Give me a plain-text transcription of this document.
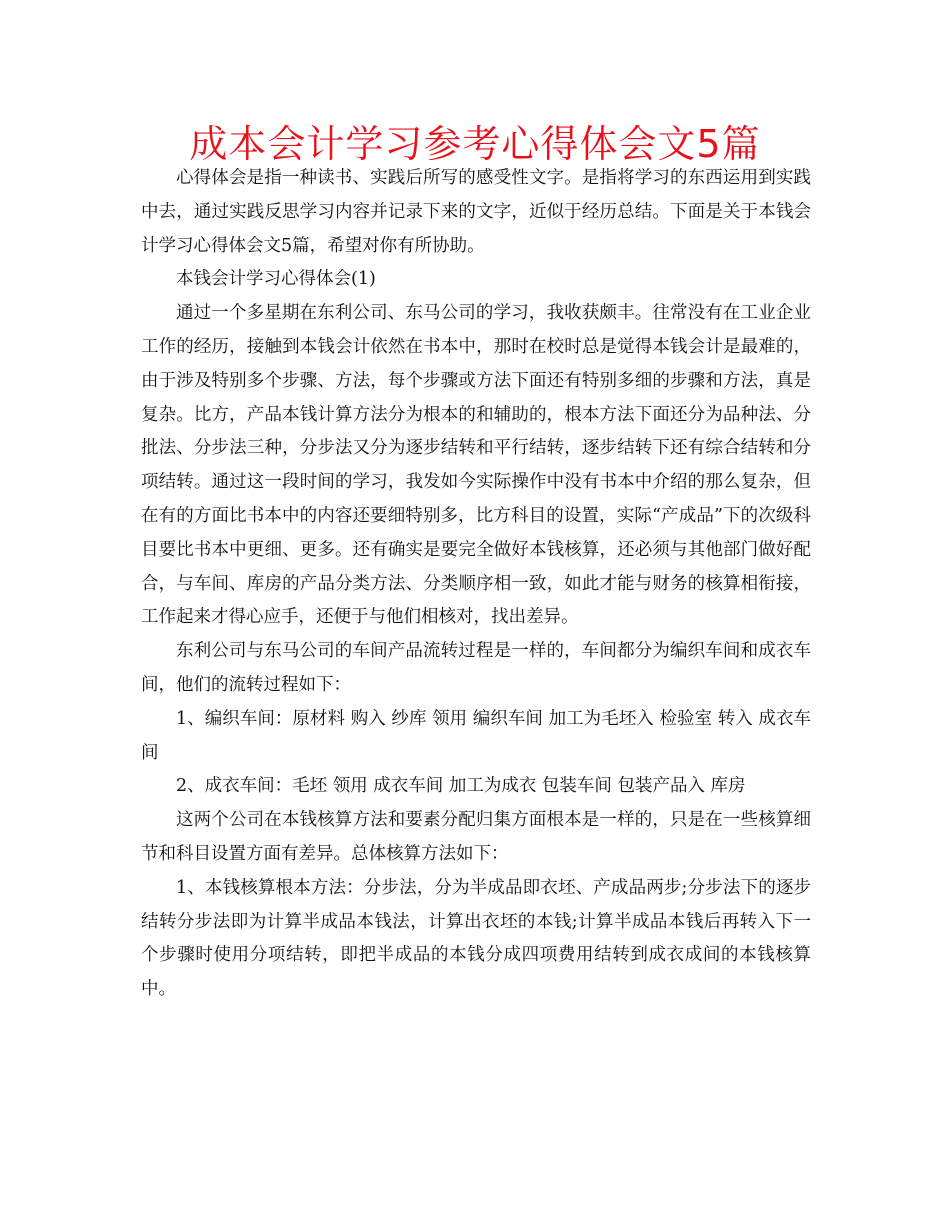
成本会计学习参考心得体会文5篇

心得体会是指一种读书、实践后所写的感受性文字。是指将学习的东西运用到实践中去，通过实践反思学习内容并记录下来的文字，近似于经历总结。下面是关于本钱会计学习心得体会文5篇，希望对你有所协助。

本钱会计学习心得体会(1)

通过一个多星期在东利公司、东马公司的学习，我收获颇丰。往常没有在工业企业工作的经历，接触到本钱会计依然在书本中，那时在校时总是觉得本钱会计是最难的，由于涉及特别多个步骤、方法，每个步骤或方法下面还有特别多细的步骤和方法，真是复杂。比方，产品本钱计算方法分为根本的和辅助的，根本方法下面还分为品种法、分批法、分步法三种，分步法又分为逐步结转和平行结转，逐步结转下还有综合结转和分项结转。通过这一段时间的学习，我发如今实际操作中没有书本中介绍的那么复杂，但在有的方面比书本中的内容还要细特别多，比方科目的设置，实际“产成品”下的次级科目要比书本中更细、更多。还有确实是要完全做好本钱核算，还必须与其他部门做好配合，与车间、库房的产品分类方法、分类顺序相一致，如此才能与财务的核算相衔接，工作起来才得心应手，还便于与他们相核对，找出差异。

东利公司与东马公司的车间产品流转过程是一样的，车间都分为编织车间和成衣车间，他们的流转过程如下：

1、编织车间：原材料 购入 纱库 领用 编织车间 加工为毛坯入 检验室 转入 成衣车间

2、成衣车间：毛坯 领用 成衣车间 加工为成衣 包装车间 包装产品入 库房

这两个公司在本钱核算方法和要素分配归集方面根本是一样的，只是在一些核算细节和科目设置方面有差异。总体核算方法如下：

1、本钱核算根本方法：分步法，分为半成品即衣坯、产成品两步;分步法下的逐步结转分步法即为计算半成品本钱法，计算出衣坯的本钱;计算半成品本钱后再转入下一个步骤时使用分项结转，即把半成品的本钱分成四项费用结转到成衣成间的本钱核算中。
